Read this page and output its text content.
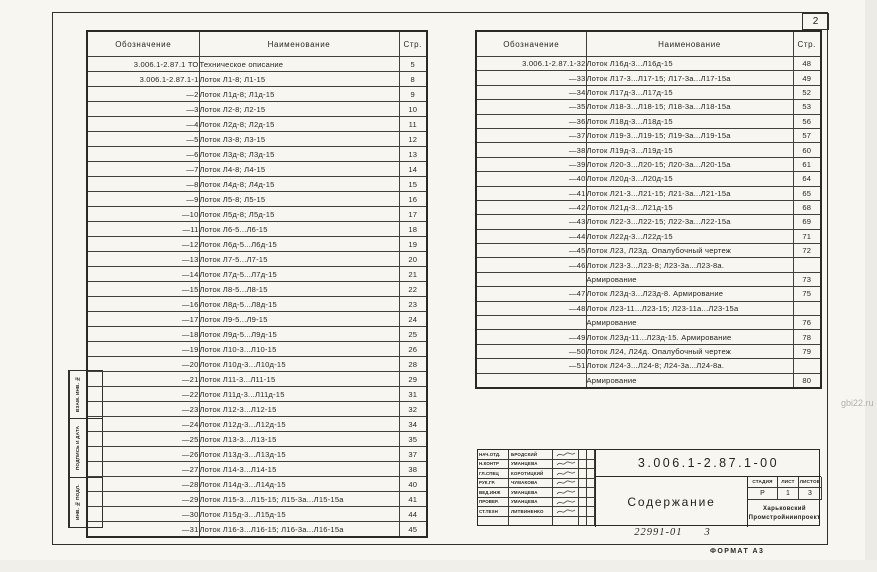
2
ВЗАМ. ИНВ. №
ПОДПИСЬ И ДАТА
ИНВ. № ПОДЛ.
Обозначение	Наименование	Стр.
3.006.1-2.87.1 ТО	Техническое описание	5
3.006.1-2.87.1-1	Лоток Л1-8; Л1-15	8
—2	Лоток Л1д-8; Л1д-15	9
—3	Лоток Л2-8; Л2-15	10
—4	Лоток Л2д-8; Л2д-15	11
—5	Лоток Л3-8; Л3-15	12
—6	Лоток Л3д-8; Л3д-15	13
—7	Лоток Л4-8; Л4-15	14
—8	Лоток Л4д-8; Л4д-15	15
—9	Лоток Л5-8; Л5-15	16
—10	Лоток Л5д-8; Л5д-15	17
—11	Лоток Л6-5...Л6-15	18
—12	Лоток Л6д-5...Л6д-15	19
—13	Лоток Л7-5...Л7-15	20
—14	Лоток Л7д-5...Л7д-15	21
—15	Лоток Л8-5...Л8-15	22
—16	Лоток Л8д-5...Л8д-15	23
—17	Лоток Л9-5...Л9-15	24
—18	Лоток Л9д-5...Л9д-15	25
—19	Лоток Л10-3...Л10-15	26
—20	Лоток Л10д-3...Л10д-15	28
—21	Лоток Л11-3...Л11-15	29
—22	Лоток Л11д-3...Л11д-15	31
—23	Лоток Л12-3...Л12-15	32
—24	Лоток Л12д-3...Л12д-15	34
—25	Лоток Л13-3...Л13-15	35
—26	Лоток Л13д-3...Л13д-15	37
—27	Лоток Л14-3...Л14-15	38
—28	Лоток Л14д-3...Л14д-15	40
—29	Лоток Л15-3...Л15-15; Л15-3а...Л15-15а	41
—30	Лоток Л15д-3...Л15д-15	44
—31	Лоток Л16-3...Л16-15; Л16-3а...Л16-15а	45
Обозначение	Наименование	Стр.
3.006.1-2.87.1-32	Лоток Л16д-3...Л16д-15	48
—33	Лоток Л17-3...Л17-15; Л17-3а...Л17-15а	49
—34	Лоток Л17д-3...Л17д-15	52
—35	Лоток Л18-3...Л18-15; Л18-3а...Л18-15а	53
—36	Лоток Л18д-3...Л18д-15	56
—37	Лоток Л19-3...Л19-15; Л19-3а...Л19-15а	57
—38	Лоток Л19д-3...Л19д-15	60
—39	Лоток Л20-3...Л20-15; Л20-3а...Л20-15а	61
—40	Лоток Л20д-3...Л20д-15	64
—41	Лоток Л21-3...Л21-15; Л21-3а...Л21-15а	65
—42	Лоток Л21д-3...Л21д-15	68
—43	Лоток Л22-3...Л22-15; Л22-3а...Л22-15а	69
—44	Лоток Л22д-3...Л22д-15	71
—45	Лоток Л23, Л23д. Опалубочный чертеж	72
—46	Лоток Л23-3...Л23-8; Л23-3а...Л23-8а.	
	Армирование	73
—47	Лоток Л23д-3...Л23д-8. Армирование	75
—48	Лоток Л23-11...Л23-15; Л23-11а...Л23-15а	
	Армирование	76
—49	Лоток Л23д-11...Л23д-15. Армирование	78
—50	Лоток Л24, Л24д. Опалубочный чертеж	79
—51	Лоток Л24-3...Л24-8; Л24-3а...Л24-8а.	
	Армирование	80
НАЧ.ОТД.	БРОДСКИЙ
Н.КОНТР	УМАНЦЕВА
ГЛ.СПЕЦ	КОРОТИЦКИЙ
РУК.ГР.	ЧУМАКОВА
ВЕД.ИНЖ	УМАНЦЕВА
ПРОВЕР.	УМАНЦЕВА
СТ.ТЕХН	ЛИТВИНЕНКО
3.006.1-2.87.1-00
Содержание
СТАДИЯ	ЛИСТ	ЛИСТОВ
Р	1	3
Харьковский
Промстройниипроект
22991-01 3
ФОРМАТ А3
gbi22.ru
